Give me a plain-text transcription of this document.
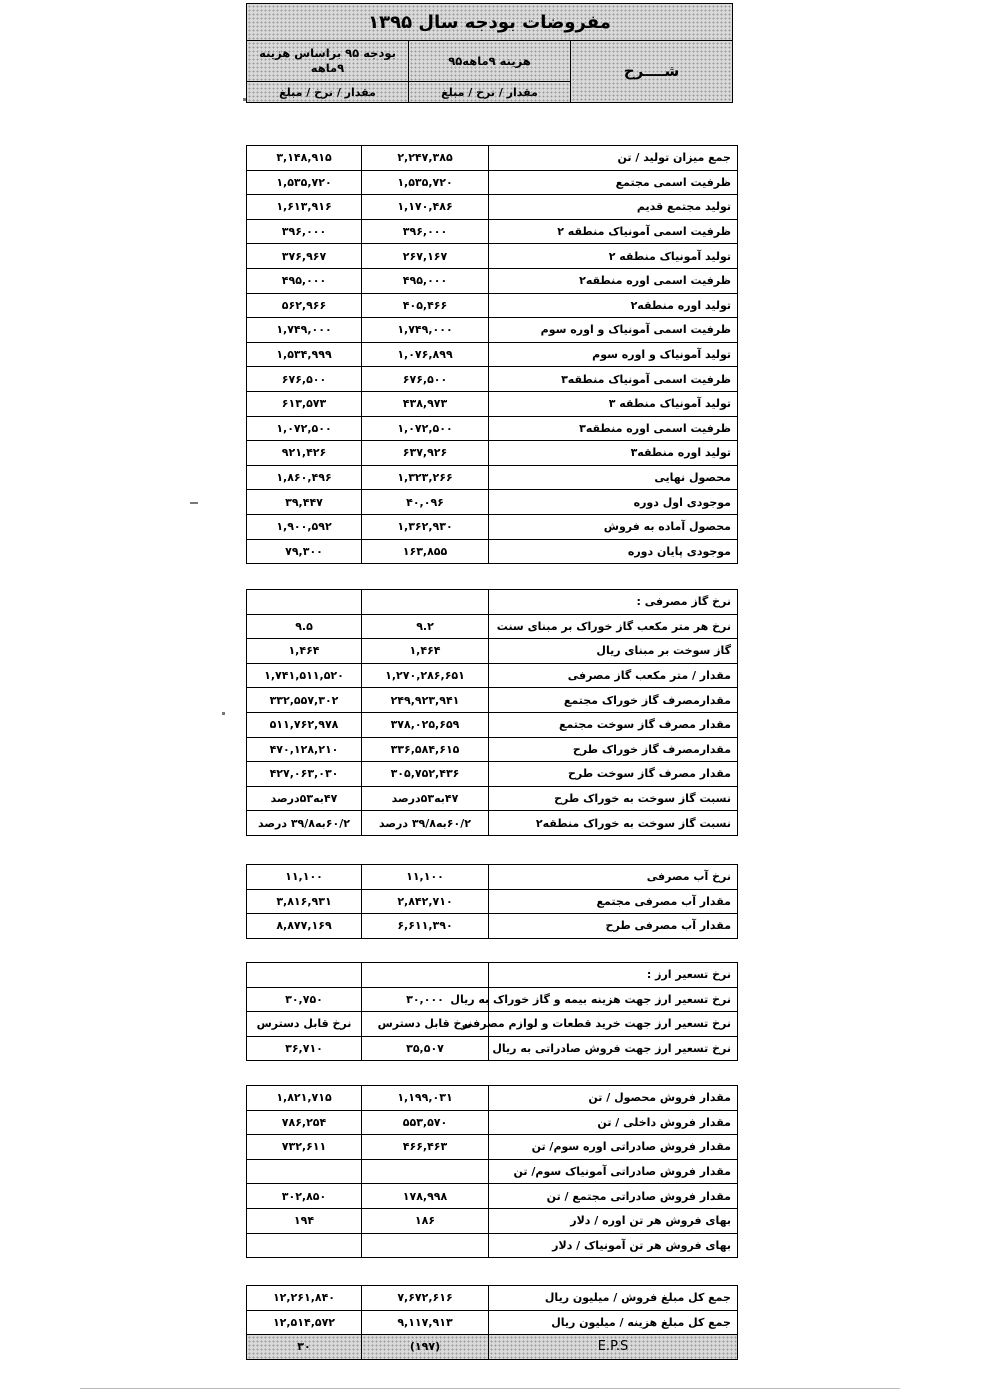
مفروضات بودجه سال ۱۳۹۵		
شــــرح	هزینه ۹ماهه۹۵	بودجه ۹۵ براساس هزینه ۹ماهه
	مقدار / نرخ / مبلغ	مقدار / نرخ / مبلغ
جمع میزان تولید / تن	۲,۲۴۷,۳۸۵	۳,۱۴۸,۹۱۵
ظرفیت اسمی مجتمع	۱,۵۳۵,۷۲۰	۱,۵۳۵,۷۲۰
تولید مجتمع قدیم	۱,۱۷۰,۴۸۶	۱,۶۱۳,۹۱۶
ظرفیت اسمی آمونیاک منطقه ۲	۳۹۶,۰۰۰	۳۹۶,۰۰۰
تولید آمونیاک منطقه ۲	۲۶۷,۱۶۷	۳۷۶,۹۶۷
ظرفیت اسمی اوره منطقه۲	۴۹۵,۰۰۰	۴۹۵,۰۰۰
تولید اوره منطقه۲	۴۰۵,۴۶۶	۵۶۲,۹۶۶
ظرفیت اسمی آمونیاک و اوره سوم	۱,۷۴۹,۰۰۰	۱,۷۴۹,۰۰۰
تولید آمونیاک و اوره سوم	۱,۰۷۶,۸۹۹	۱,۵۳۴,۹۹۹
ظرفیت اسمی آمونیاک منطقه۳	۶۷۶,۵۰۰	۶۷۶,۵۰۰
تولید آمونیاک منطقه ۳	۴۳۸,۹۷۳	۶۱۳,۵۷۳
ظرفیت اسمی اوره منطقه۳	۱,۰۷۲,۵۰۰	۱,۰۷۲,۵۰۰
تولید اوره منطقه۳	۶۳۷,۹۲۶	۹۲۱,۴۲۶
محصول نهایی	۱,۳۲۳,۲۶۶	۱,۸۶۰,۴۹۶
موجودی اول دوره	۴۰,۰۹۶	۳۹,۴۴۷
محصول آماده به فروش	۱,۳۶۲,۹۳۰	۱,۹۰۰,۵۹۲
موجودی پایان دوره	۱۶۳,۸۵۵	۷۹,۳۰۰
نرخ گاز مصرفی :		
نرخ هر متر مکعب گاز خوراک بر مبنای سنت	۹.۲	۹.۵
گاز سوخت بر مبنای ریال	۱,۴۶۴	۱,۴۶۴
مقدار / متر مکعب گاز مصرفی	۱,۲۷۰,۲۸۶,۶۵۱	۱,۷۴۱,۵۱۱,۵۲۰
مقدارمصرف گاز خوراک مجتمع	۲۴۹,۹۲۳,۹۴۱	۳۳۲,۵۵۷,۳۰۲
مقدار مصرف گاز سوخت مجتمع	۳۷۸,۰۲۵,۶۵۹	۵۱۱,۷۶۲,۹۷۸
مقدارمصرف گاز خوراک طرح	۳۳۶,۵۸۴,۶۱۵	۴۷۰,۱۲۸,۲۱۰
مقدار مصرف گاز سوخت طرح	۳۰۵,۷۵۲,۴۳۶	۴۲۷,۰۶۳,۰۳۰
نسبت گاز سوخت به خوراک طرح	۴۷به۵۳درصد	۴۷به۵۳درصد
نسبت گاز سوخت به خوراک منطقه۲	۶۰/۲به۳۹/۸ درصد	۶۰/۲به۳۹/۸ درصد
نرخ آب مصرفی	۱۱,۱۰۰	۱۱,۱۰۰
مقدار آب مصرفی مجتمع	۲,۸۴۲,۷۱۰	۳,۸۱۶,۹۳۱
مقدار آب مصرفی طرح	۶,۶۱۱,۳۹۰	۸,۸۷۷,۱۶۹
نرخ تسعیر ارز :		
نرخ تسعیر ارز جهت هزینه بیمه و گاز خوراک به ریال	۳۰,۰۰۰	۳۰,۷۵۰
نرخ تسعیر ارز جهت خرید قطعات و لوازم مصرفی	نرخ قابل دسترس	نرخ قابل دسترس
نرخ تسعیر ارز جهت فروش صادراتی به ریال	۳۵,۵۰۷	۳۶,۷۱۰
مقدار فروش محصول / تن	۱,۱۹۹,۰۳۱	۱,۸۲۱,۷۱۵
مقدار فروش داخلی / تن	۵۵۳,۵۷۰	۷۸۶,۲۵۴
مقدار فروش صادراتی اوره سوم/ تن	۴۶۶,۴۶۳	۷۳۲,۶۱۱
مقدار فروش صادراتی آمونیاک سوم/ تن		
مقدار فروش صادراتی مجتمع / تن	۱۷۸,۹۹۸	۳۰۲,۸۵۰
بهای فروش هر تن اوره / دلار	۱۸۶	۱۹۴
بهای فروش هر تن آمونیاک / دلار		
جمع کل مبلغ فروش / میلیون ریال	۷,۶۷۲,۶۱۶	۱۲,۲۶۱,۸۴۰
جمع کل مبلغ هزینه / میلیون ریال	۹,۱۱۷,۹۱۳	۱۲,۵۱۴,۵۷۲
E.P.S	(۱۹۷)	۳۰
